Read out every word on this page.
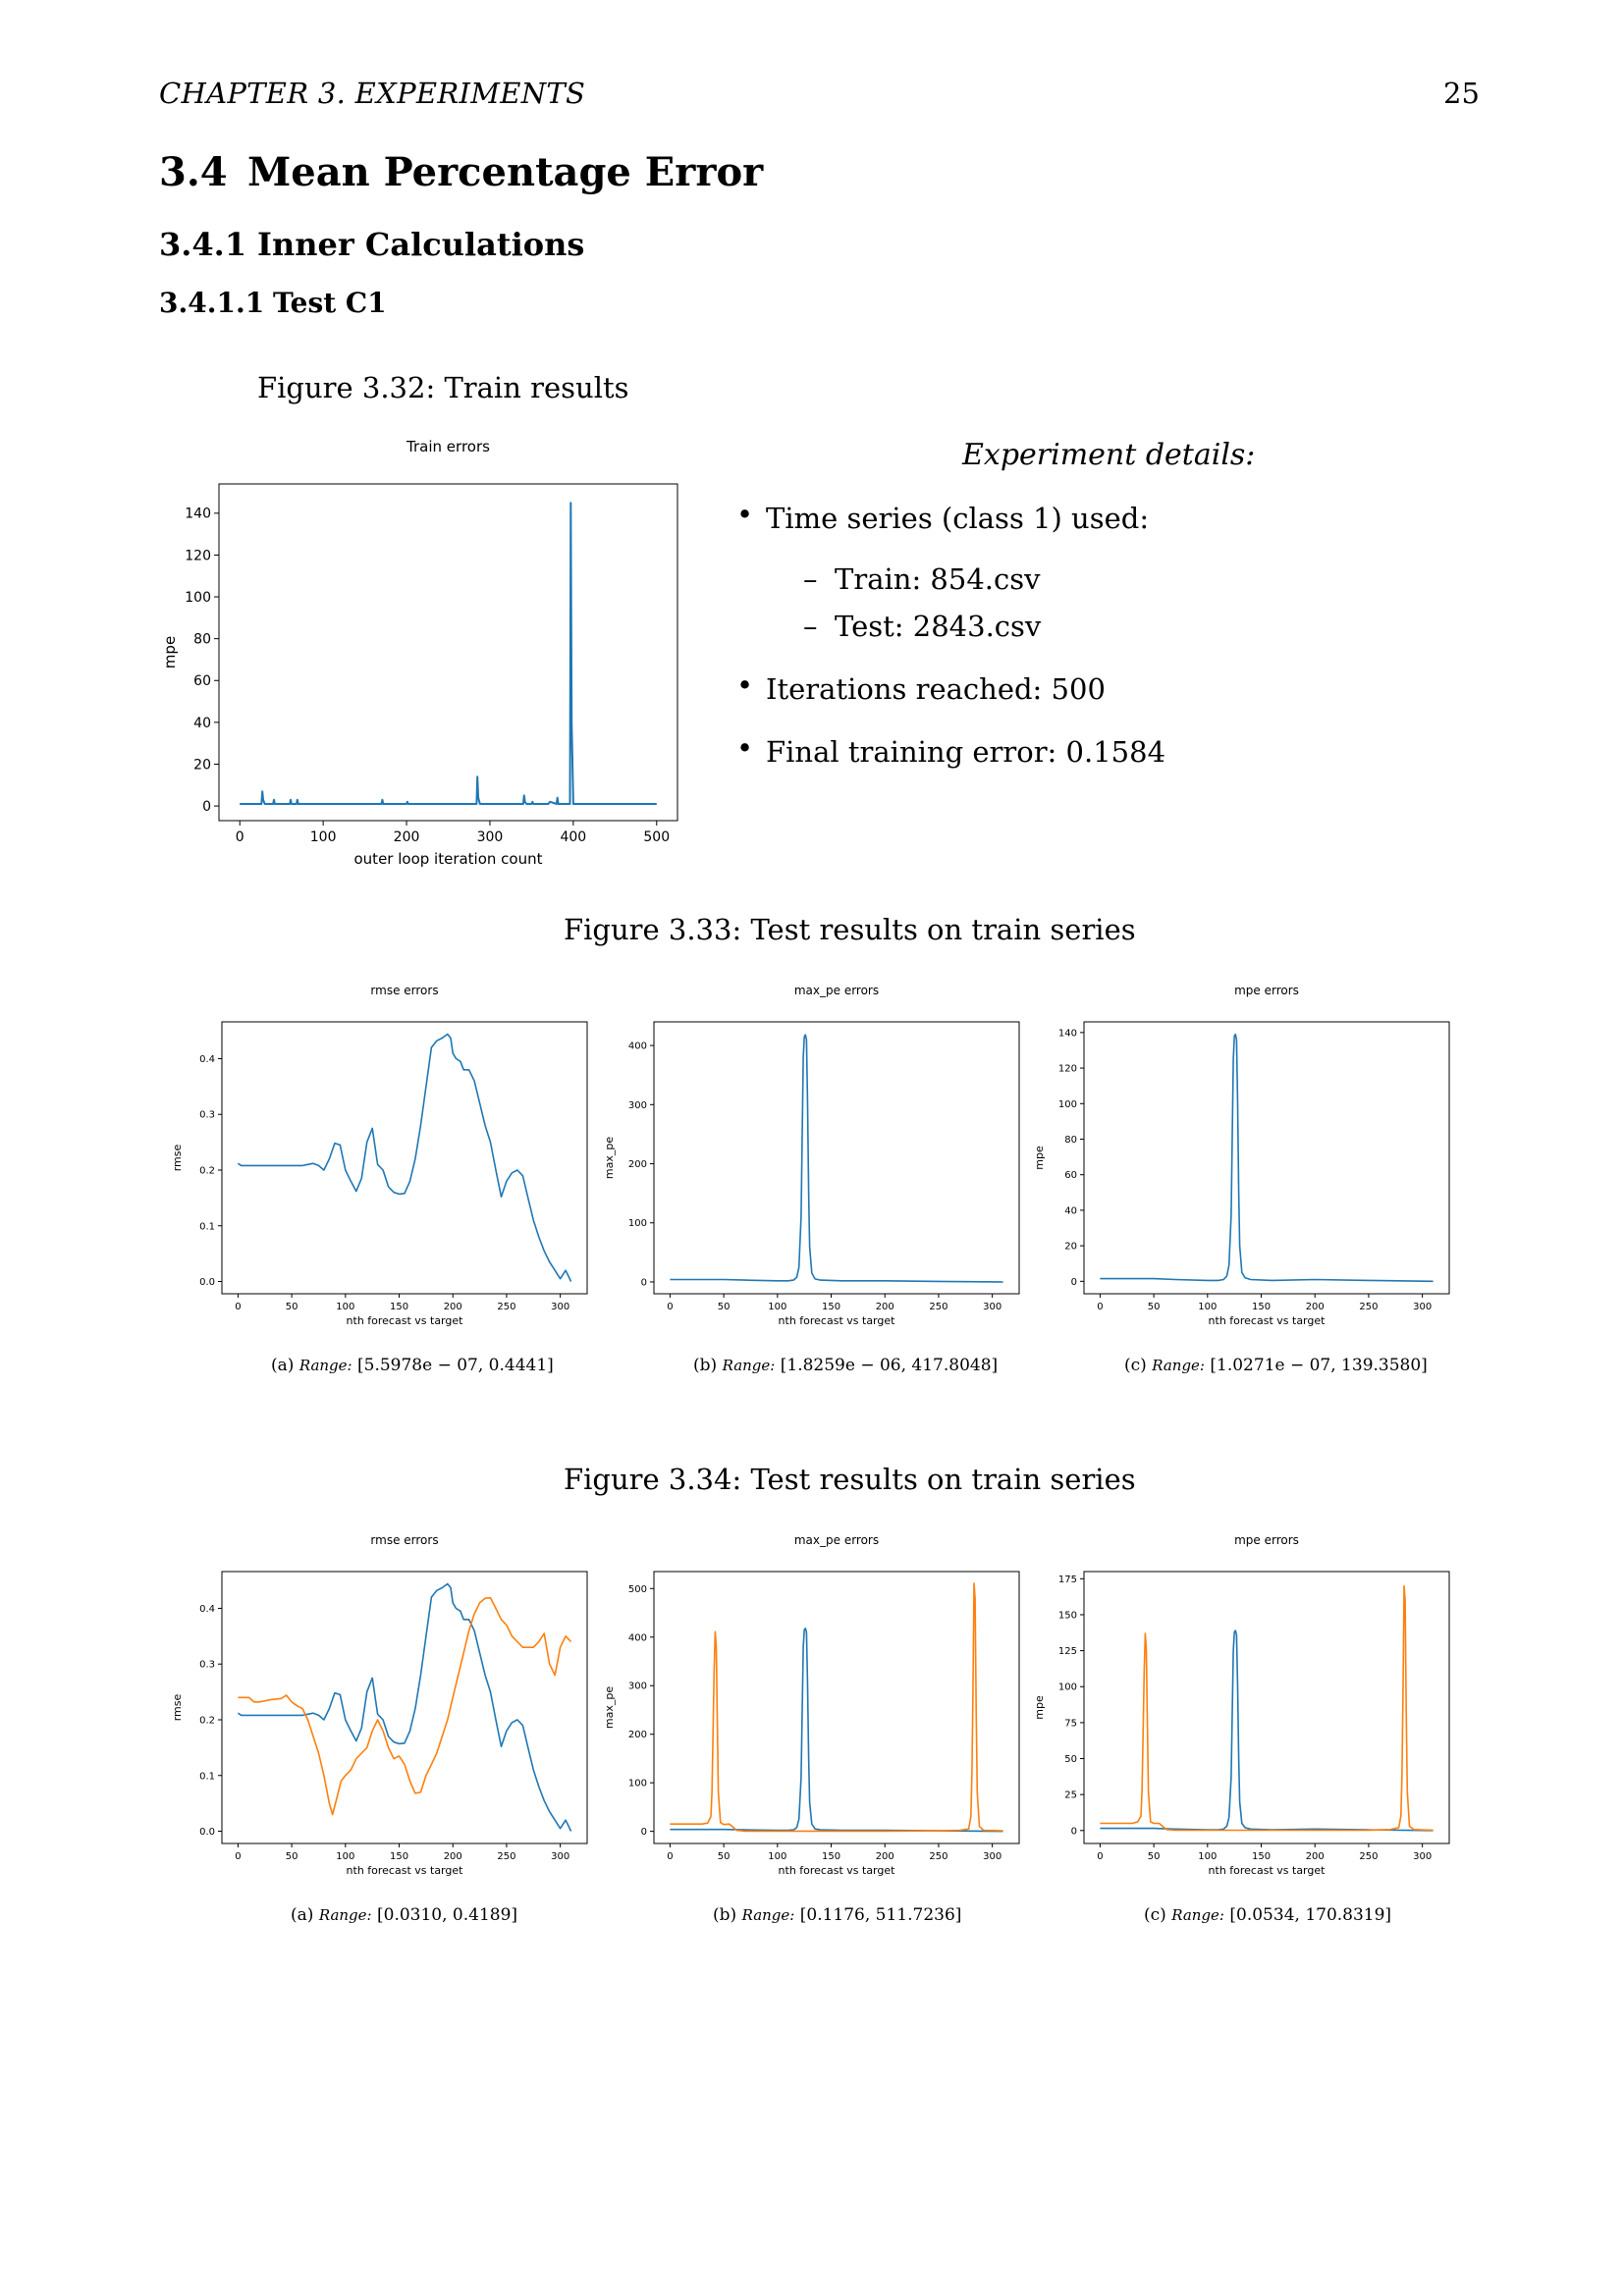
CHAPTER 3. EXPERIMENTS	25
3.4 Mean Percentage Error
3.4.1 Inner Calculations
3.4.1.1 Test C1
Figure 3.32: Train results
Train errors
0	100	200	300	400	500
0
20
40
60
80
100
120
140
outer loop iteration count
mpe
Experiment details:
• Time series (class 1) used:
– Train: 854.csv
– Test: 2843.csv
• Iterations reached: 500
• Final training error: 0.1584
Figure 3.33: Test results on train series
rmse errors
0	50	100	150	200	250	300
0.0
0.1
0.2
0.3
0.4
nth forecast vs target
rmse
max_pe errors
0	50	100	150	200	250	300
0
100
200
300
400
nth forecast vs target
max_pe
mpe errors
0	50	100	150	200	250	300
0
20
40
60
80
100
120
140
nth forecast vs target
mpe
(a) Range: [5.5978e − 07, 0.4441]	(b) Range: [1.8259e − 06, 417.8048]	(c) Range: [1.0271e − 07, 139.3580]
Figure 3.34: Test results on train series
rmse errors
0	50	100	150	200	250	300
0.0
0.1
0.2
0.3
0.4
nth forecast vs target
rmse
max_pe errors
0	50	100	150	200	250	300
0
100
200
300
400
500
nth forecast vs target
max_pe
mpe errors
0	50	100	150	200	250	300
0
25
50
75
100
125
150
175
nth forecast vs target
mpe
(a) Range: [0.0310, 0.4189]	(b) Range: [0.1176, 511.7236]	(c) Range: [0.0534, 170.8319]
